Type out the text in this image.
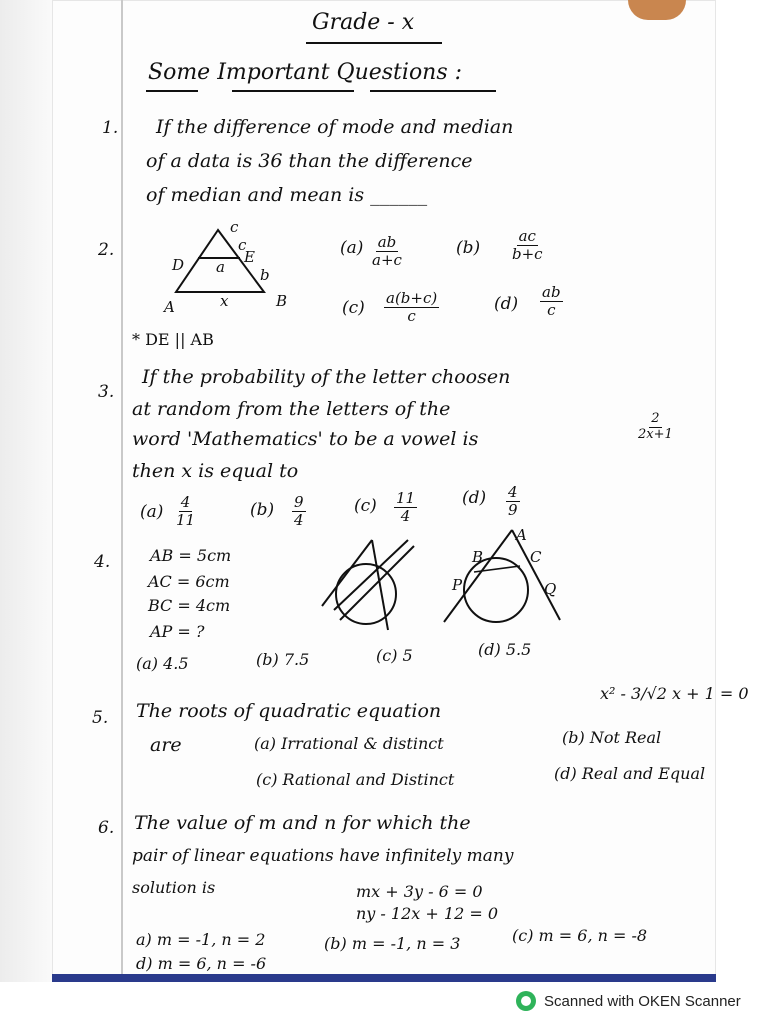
Grade - x
Some Important Questions :
1. If the difference of mode and median
of a data is 36 than the difference
of median and mean is ______
2.
c
c
D	E
a b
A	x	B
$(a) \frac{ab}{a+c}$	$(b) \frac{ac}{b+c}$
$(c) \frac{a(b+c)}{c}$	$(d) \frac{ab}{c}$
* DE || AB
3.
If the probability of the letter choosen
at random from the letters of the
word 'Mathematics' to be a vowel is	$\frac{2}{2x+1}$
then x is equal to
$(a) \frac{4}{11}$	$(b) \frac{9}{4}$	$(c) \frac{11}{4}$	$(d) \frac{4}{9}$
4. AB = 5cm
AC = 6cm
BC = 4cm
AP = ?
A
B	C
P	Q
(a) 4.5	(b) 7.5	(c) 5	(d) 5.5
5. The roots of quadratic equation
x² - 3/√2 x + 1 = 0
are	(a) Irrational & distinct	(b) Not Real
(c) Rational and Distinct	(d) Real and Equal
6. The value of m and n for which the
pair of linear equations have infinitely many
solution is	mx + 3y - 6 = 0
ny - 12x + 12 = 0
a) m = -1, n = 2	(b) m = -1, n = 3	(c) m = 6, n = -8
d) m = 6, n = -6
Scanned with OKEN Scanner
